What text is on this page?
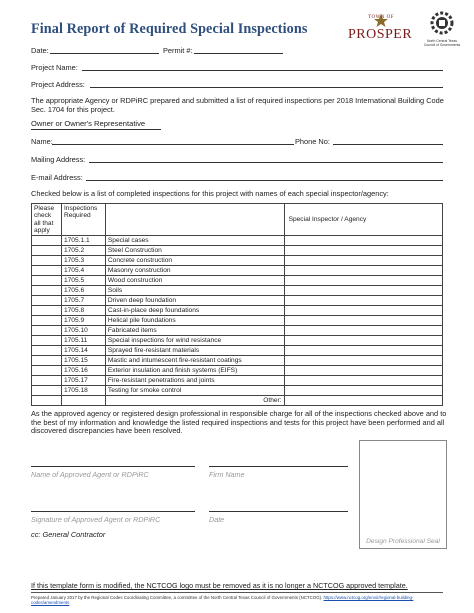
Final Report of Required Special Inspections
TOWN OF
PROSPER	North Central Texas
Council of Governments
Date:	Permit #:
Project Name:
Project Address:
The appropriate Agency or RDPiRC prepared and submitted a list of required inspections per 2018 International Building Code Sec. 1704 for this project.
Owner or Owner's Representative
Name:	Phone No:
Mailing Address:
E-mail Address:
Checked below is a list of completed inspections for this project with names of each special inspector/agency:
Please check all that apply	Inspections Required		Special Inspector / Agency
	1705.1.1	Special cases	
	1705.2	Steel Construction	
	1705.3	Concrete construction	
	1705.4	Masonry construction	
	1705.5	Wood construction	
	1705.6	Soils	
	1705.7	Driven deep foundation	
	1705.8	Cast-in-place deep foundations	
	1705.9	Helical pile foundations	
	1705.10	Fabricated items	
	1705.11	Special inspections for wind resistance	
	1705.14	Sprayed fire-resistant materials	
	1705.15	Mastic and intumescent fire-resistant coatings	
	1705.16	Exterior insulation and finish systems (EIFS)	
	1705.17	Fire-resistant penetrations and joints	
	1705.18	Testing for smoke control	
		Other:	
As the approved agency or registered design professional in responsible charge for all of the inspections checked above and to the best of my information and knowledge the listed required inspections and tests for this project have been performed and all discovered discrepancies have been resolved.
Name of Approved Agent or RDPiRC	Firm Name
Signature of Approved Agent or RDPiRC	Date
cc: General Contractor
Design Professional Seal
If this template form is modified, the NCTCOG logo must be removed as it is no longer a NCTCOG approved template.
Prepared January 2017 by the Regional Codes Coordinating Committee, a committee of the North Central Texas Council of Governments (NCTCOG). https://www.nctcog.org/envir/regional-building-codes/amendments
